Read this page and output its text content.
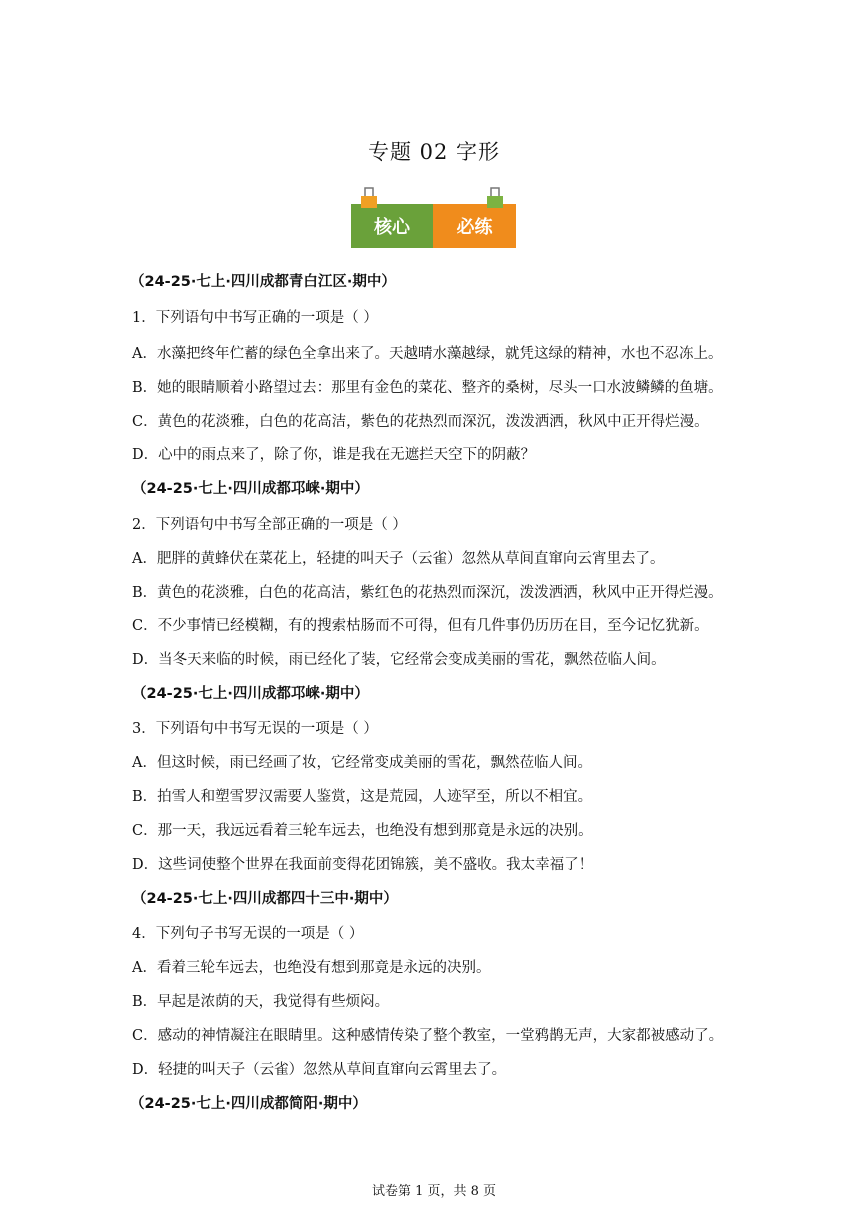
专题 02 字形
核心	必练
（24-25·七上·四川成都青白江区·期中）
1．下列语句中书写正确的一项是（ ）
A．水藻把终年伫蓄的绿色全拿出来了。天越晴水藻越绿，就凭这绿的精神，水也不忍冻上。
B．她的眼睛顺着小路望过去：那里有金色的菜花、整齐的桑树，尽头一口水波鳞鳞的鱼塘。
C．黄色的花淡雅，白色的花高洁，紫色的花热烈而深沉，泼泼洒洒，秋风中正开得烂漫。
D．心中的雨点来了，除了你，谁是我在无遮拦天空下的阴蔽？
（24-25·七上·四川成都邛崃·期中）
2．下列语句中书写全部正确的一项是（ ）
A．肥胖的黄蜂伏在菜花上，轻捷的叫天子（云雀）忽然从草间直窜向云宵里去了。
B．黄色的花淡雅，白色的花高洁，紫红色的花热烈而深沉，泼泼洒洒，秋风中正开得烂漫。
C．不少事情已经模糊，有的搜索枯肠而不可得，但有几件事仍历历在目，至今记忆犹新。
D．当冬天来临的时候，雨已经化了装，它经常会变成美丽的雪花，飘然莅临人间。
（24-25·七上·四川成都邛崃·期中）
3．下列语句中书写无误的一项是（ ）
A．但这时候，雨已经画了妆，它经常变成美丽的雪花，飘然莅临人间。
B．拍雪人和塑雪罗汉需要人鉴赏，这是荒园，人迹罕至，所以不相宜。
C．那一天，我远远看着三轮车远去，也绝没有想到那竟是永远的决别。
D．这些词使整个世界在我面前变得花团锦簇，美不盛收。我太幸福了！
（24-25·七上·四川成都四十三中·期中）
4．下列句子书写无误的一项是（ ）
A．看着三轮车远去，也绝没有想到那竟是永远的决别。
B．早起是浓荫的天，我觉得有些烦闷。
C．感动的神情凝注在眼睛里。这种感情传染了整个教室，一堂鸦鹊无声，大家都被感动了。
D．轻捷的叫天子（云雀）忽然从草间直窜向云霄里去了。
（24-25·七上·四川成都简阳·期中）
试卷第 1 页，共 8 页
